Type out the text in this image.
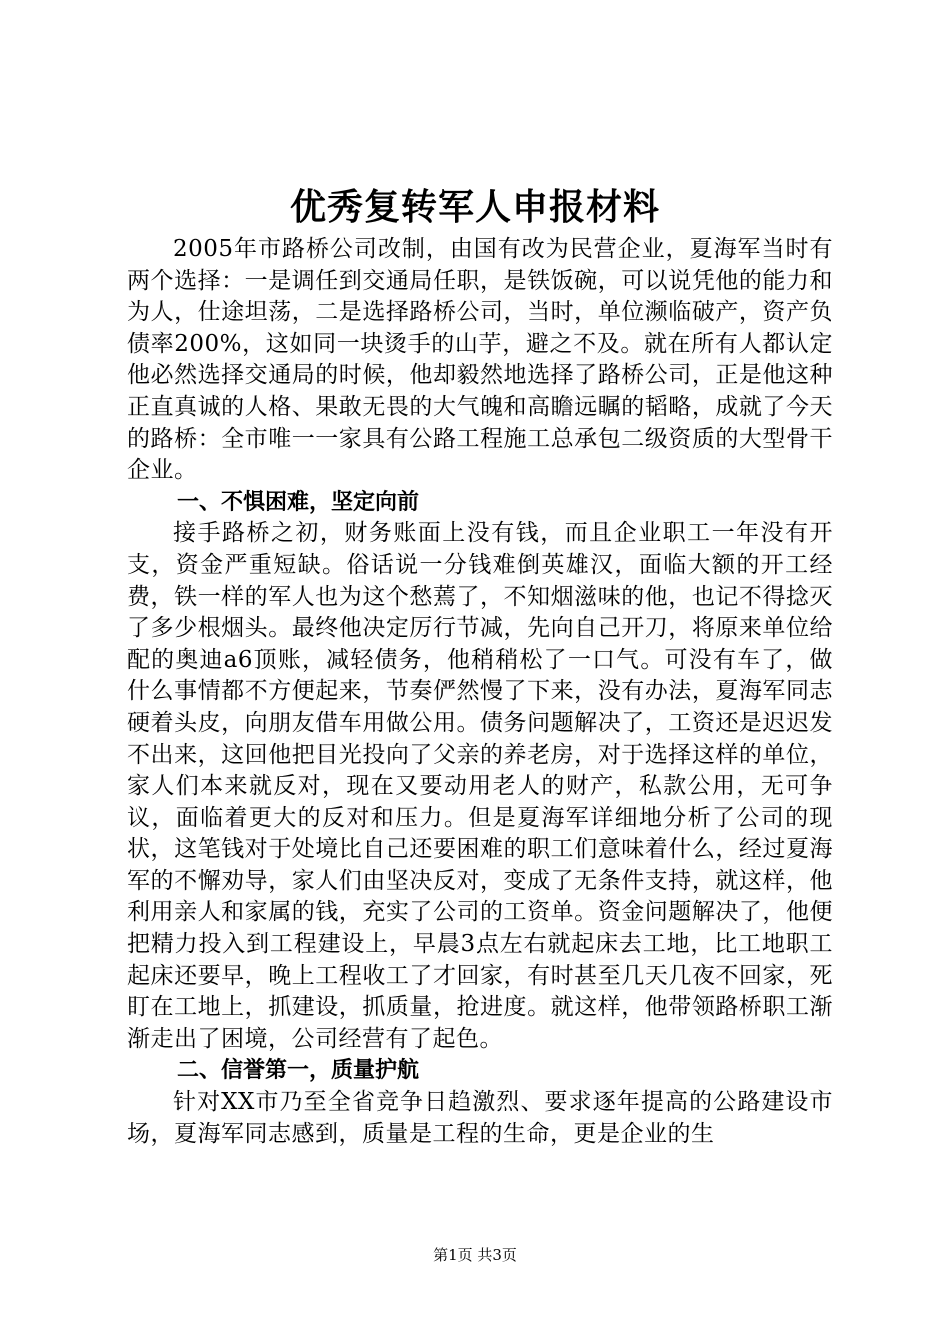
优秀复转军人申报材料

2005年市路桥公司改制，由国有改为民营企业，夏海军当时有两个选择：一是调任到交通局任职，是铁饭碗，可以说凭他的能力和为人，仕途坦荡，二是选择路桥公司，当时，单位濒临破产，资产负债率200%，这如同一块烫手的山芋，避之不及。就在所有人都认定他必然选择交通局的时候，他却毅然地选择了路桥公司，正是他这种正直真诚的人格、果敢无畏的大气魄和高瞻远瞩的韬略，成就了今天的路桥：全市唯一一家具有公路工程施工总承包二级资质的大型骨干企业。

一、不惧困难，坚定向前

接手路桥之初，财务账面上没有钱，而且企业职工一年没有开支，资金严重短缺。俗话说一分钱难倒英雄汉，面临大额的开工经费，铁一样的军人也为这个愁蔫了，不知烟滋味的他，也记不得捻灭了多少根烟头。最终他决定厉行节减，先向自己开刀，将原来单位给配的奥迪a6顶账，减轻债务，他稍稍松了一口气。可没有车了，做什么事情都不方便起来，节奏俨然慢了下来，没有办法，夏海军同志硬着头皮，向朋友借车用做公用。债务问题解决了，工资还是迟迟发不出来，这回他把目光投向了父亲的养老房，对于选择这样的单位，家人们本来就反对，现在又要动用老人的财产，私款公用，无可争议，面临着更大的反对和压力。但是夏海军详细地分析了公司的现状，这笔钱对于处境比自己还要困难的职工们意味着什么，经过夏海军的不懈劝导，家人们由坚决反对，变成了无条件支持，就这样，他利用亲人和家属的钱，充实了公司的工资单。资金问题解决了，他便把精力投入到工程建设上，早晨3点左右就起床去工地，比工地职工起床还要早，晚上工程收工了才回家，有时甚至几天几夜不回家，死盯在工地上，抓建设，抓质量，抢进度。就这样，他带领路桥职工渐渐走出了困境，公司经营有了起色。

二、信誉第一，质量护航

针对XX市乃至全省竞争日趋激烈、要求逐年提高的公路建设市场，夏海军同志感到，质量是工程的生命，更是企业的生

第1页 共3页
